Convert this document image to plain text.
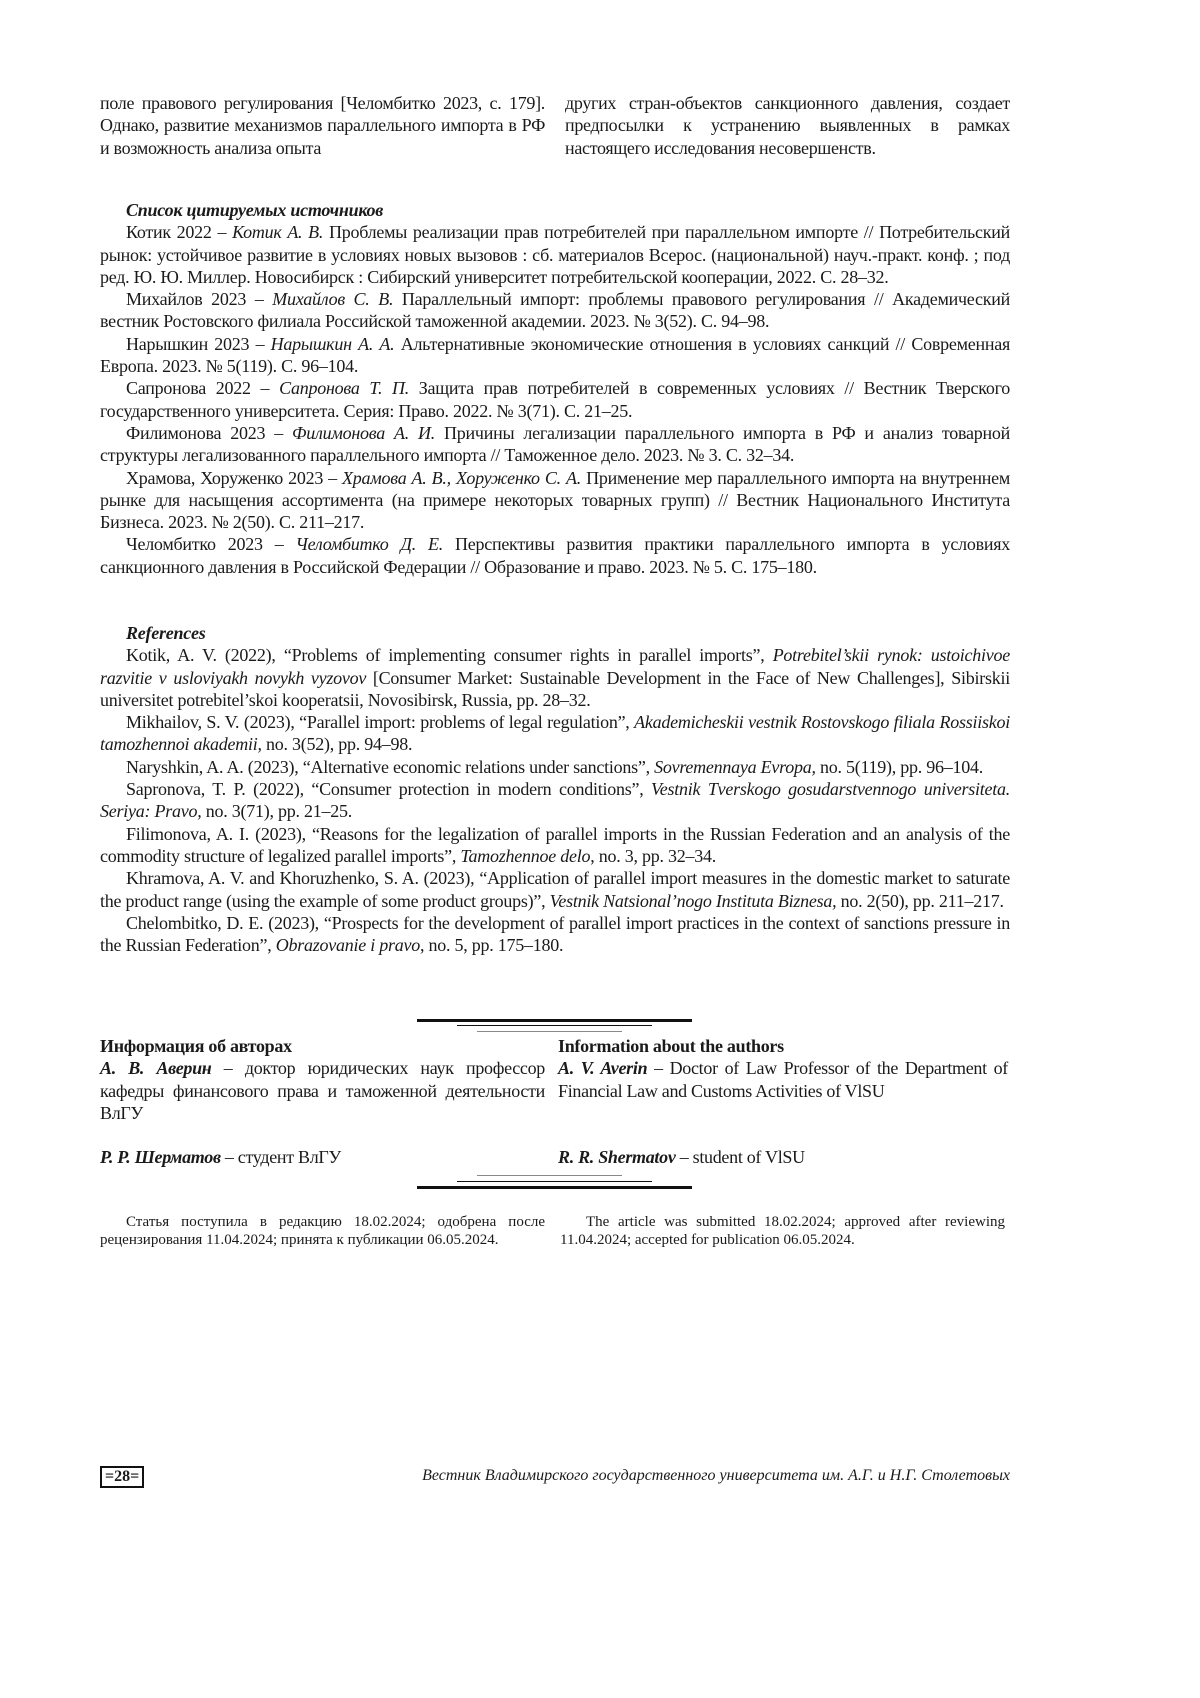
поле правового регулирования [Челомбитко 2023, с. 179]. Однако, развитие механизмов параллельного импорта в РФ и возможность анализа опыта
других стран-объектов санкционного давления, создает предпосылки к устранению выявленных в рамках настоящего исследования несовершенств.

Список цитируемых источников

Котик 2022 – Котик А. В. Проблемы реализации прав потребителей при параллельном импорте // Потребительский рынок: устойчивое развитие в условиях новых вызовов : сб. материалов Всерос. (национальной) науч.-практ. конф. ; под ред. Ю. Ю. Миллер. Новосибирск : Сибирский университет потребительской кооперации, 2022. С. 28–32.

Михайлов 2023 – Михайлов С. В. Параллельный импорт: проблемы правового регулирования // Академический вестник Ростовского филиала Российской таможенной академии. 2023. № 3(52). С. 94–98.

Нарышкин 2023 – Нарышкин А. А. Альтернативные экономические отношения в условиях санкций // Современная Европа. 2023. № 5(119). С. 96–104.

Сапронова 2022 – Сапронова Т. П. Защита прав потребителей в современных условиях // Вестник Тверского государственного университета. Серия: Право. 2022. № 3(71). С. 21–25.

Филимонова 2023 – Филимонова А. И. Причины легализации параллельного импорта в РФ и анализ товарной структуры легализованного параллельного импорта // Таможенное дело. 2023. № 3. С. 32–34.

Храмова, Хоруженко 2023 – Храмова А. В., Хоруженко С. А. Применение мер параллельного импорта на внутреннем рынке для насыщения ассортимента (на примере некоторых товарных групп) // Вестник Национального Института Бизнеса. 2023. № 2(50). С. 211–217.

Челомбитко 2023 – Челомбитко Д. Е. Перспективы развития практики параллельного импорта в условиях санкционного давления в Российской Федерации // Образование и право. 2023. № 5. С. 175–180.

References

Kotik, A. V. (2022), “Problems of implementing consumer rights in parallel imports”, Potrebitel’skii rynok: ustoichivoe razvitie v usloviyakh novykh vyzovov [Consumer Market: Sustainable Development in the Face of New Challenges], Sibirskii universitet potrebitel’skoi kooperatsii, Novosibirsk, Russia, pp. 28–32.

Mikhailov, S. V. (2023), “Parallel import: problems of legal regulation”, Akademicheskii vestnik Rostovskogo filiala Rossiiskoi tamozhennoi akademii, no. 3(52), pp. 94–98.

Naryshkin, A. A. (2023), “Alternative economic relations under sanctions”, Sovremennaya Evropa, no. 5(119), pp. 96–104.

Sapronova, T. P. (2022), “Consumer protection in modern conditions”, Vestnik Tverskogo gosudarstvennogo universiteta. Seriya: Pravo, no. 3(71), pp. 21–25.

Filimonova, A. I. (2023), “Reasons for the legalization of parallel imports in the Russian Federation and an analysis of the commodity structure of legalized parallel imports”, Tamozhennoe delo, no. 3, pp. 32–34.

Khramova, A. V. and Khoruzhenko, S. A. (2023), “Application of parallel import measures in the domestic market to saturate the product range (using the example of some product groups)”, Vestnik Natsional’nogo Instituta Biznesa, no. 2(50), pp. 211–217.

Chelombitko, D. E. (2023), “Prospects for the development of parallel import practices in the context of sanctions pressure in the Russian Federation”, Obrazovanie i pravo, no. 5, pp. 175–180.

Информация об авторах

А. В. Аверин – доктор юридических наук профессор кафедры финансового права и таможенной деятельности ВлГУ

Р. Р. Шерматов – студент ВлГУ

Information about the authors

A. V. Averin – Doctor of Law Professor of the Department of Financial Law and Customs Activities of VlSU

R. R. Shermatov – student of VlSU

Статья поступила в редакцию 18.02.2024; одобрена после рецензирования 11.04.2024; принята к публикации 06.05.2024.

The article was submitted 18.02.2024; approved after reviewing 11.04.2024; accepted for publication 06.05.2024.

=28=	Вестник Владимирского государственного университета им. А.Г. и Н.Г. Столетовых
